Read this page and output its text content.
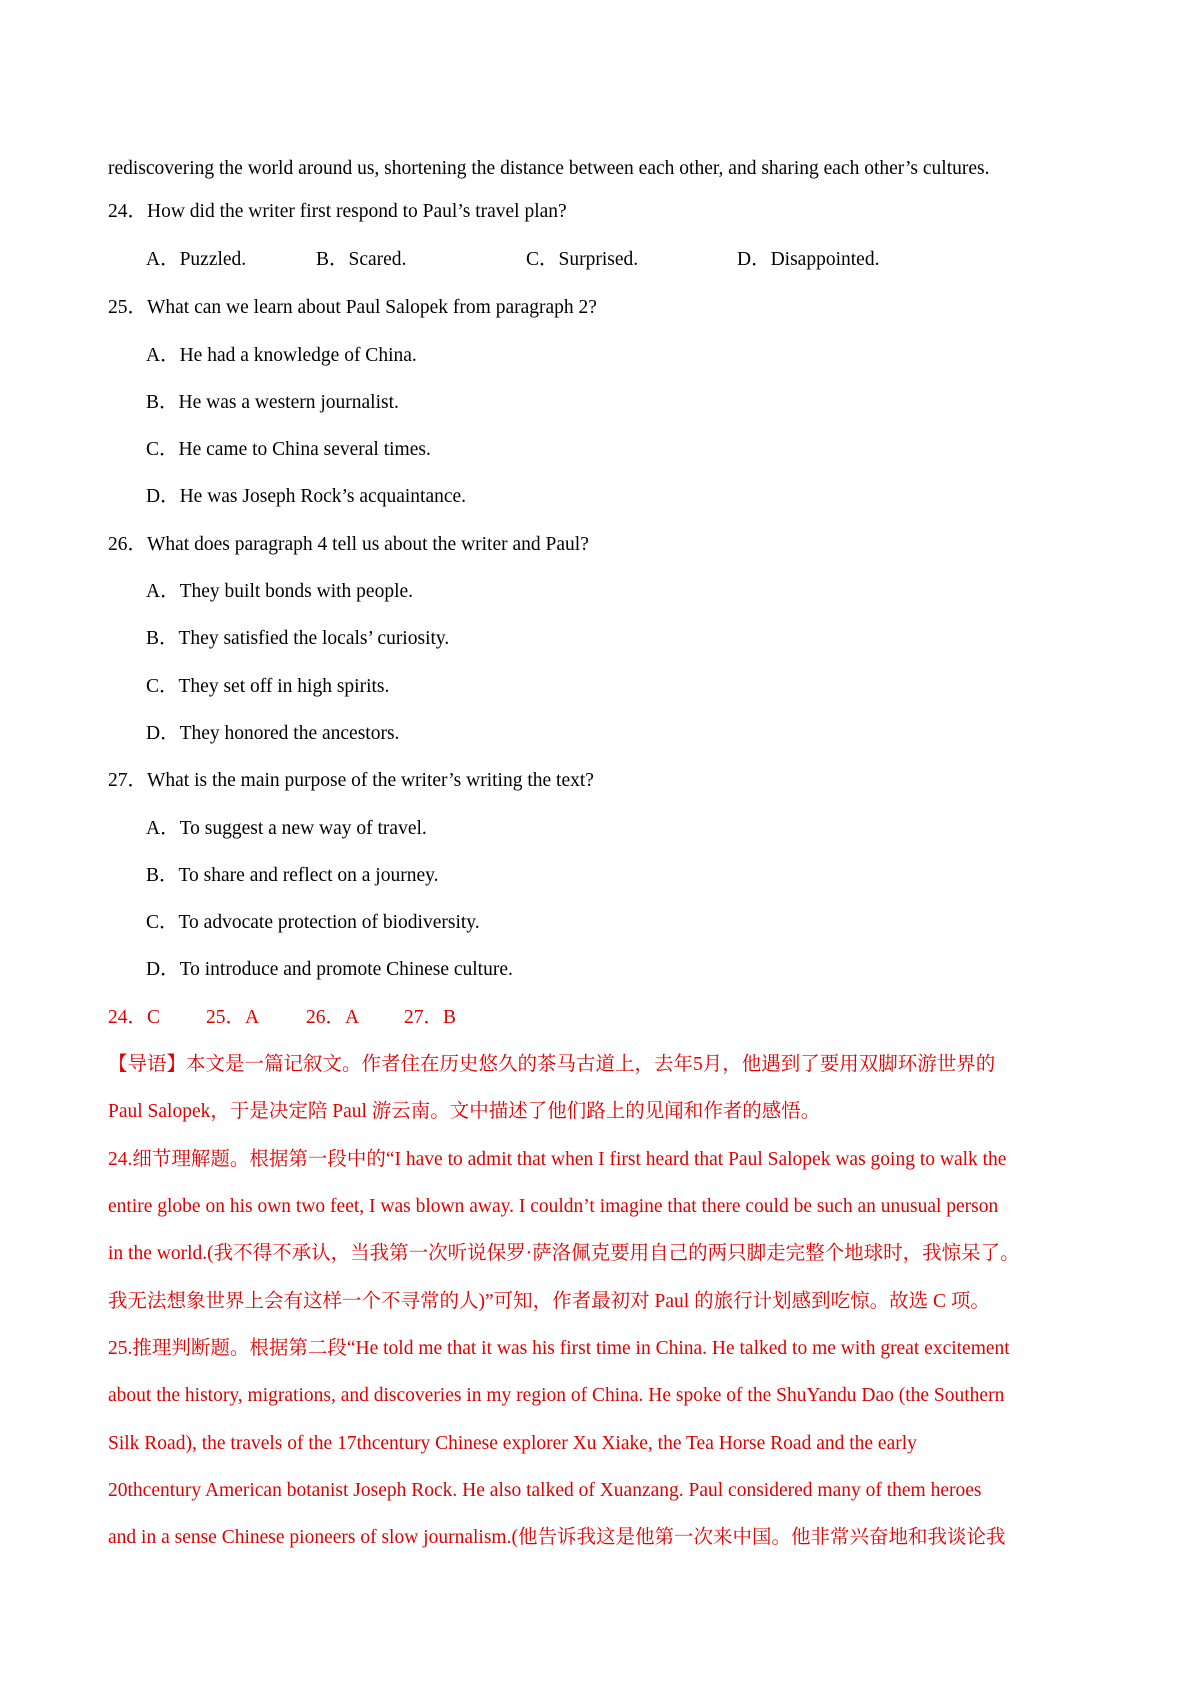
rediscovering the world around us, shortening the distance between each other, and sharing each other’s cultures.
24．How did the writer first respond to Paul’s travel plan?
A．Puzzled.	B．Scared.	C．Surprised.	D．Disappointed.
25．What can we learn about Paul Salopek from paragraph 2?
A．He had a knowledge of China.
B．He was a western journalist.
C．He came to China several times.
D．He was Joseph Rock’s acquaintance.
26．What does paragraph 4 tell us about the writer and Paul?
A．They built bonds with people.
B．They satisfied the locals’ curiosity.
C．They set off in high spirits.
D．They honored the ancestors.
27．What is the main purpose of the writer’s writing the text?
A．To suggest a new way of travel.
B．To share and reflect on a journey.
C．To advocate protection of biodiversity.
D．To introduce and promote Chinese culture.
24．C 25．A 26．A 27．B
【导语】本文是一篇记叙文。作者住在历史悠久的茶马古道上，去年5月，他遇到了要用双脚环游世界的
Paul Salopek，于是决定陪 Paul 游云南。文中描述了他们路上的见闻和作者的感悟。
24.细节理解题。根据第一段中的“I have to admit that when I first heard that Paul Salopek was going to walk the
entire globe on his own two feet, I was blown away. I couldn’t imagine that there could be such an unusual person
in the world.(我不得不承认，当我第一次听说保罗·萨洛佩克要用自己的两只脚走完整个地球时，我惊呆了。
我无法想象世界上会有这样一个不寻常的人)”可知，作者最初对 Paul 的旅行计划感到吃惊。故选 C 项。
25.推理判断题。根据第二段“He told me that it was his first time in China. He talked to me with great excitement
about the history, migrations, and discoveries in my region of China. He spoke of the ShuYandu Dao (the Southern
Silk Road), the travels of the 17thcentury Chinese explorer Xu Xiake, the Tea Horse Road and the early
20thcentury American botanist Joseph Rock. He also talked of Xuanzang. Paul considered many of them heroes
and in a sense Chinese pioneers of slow journalism.(他告诉我这是他第一次来中国。他非常兴奋地和我谈论我
